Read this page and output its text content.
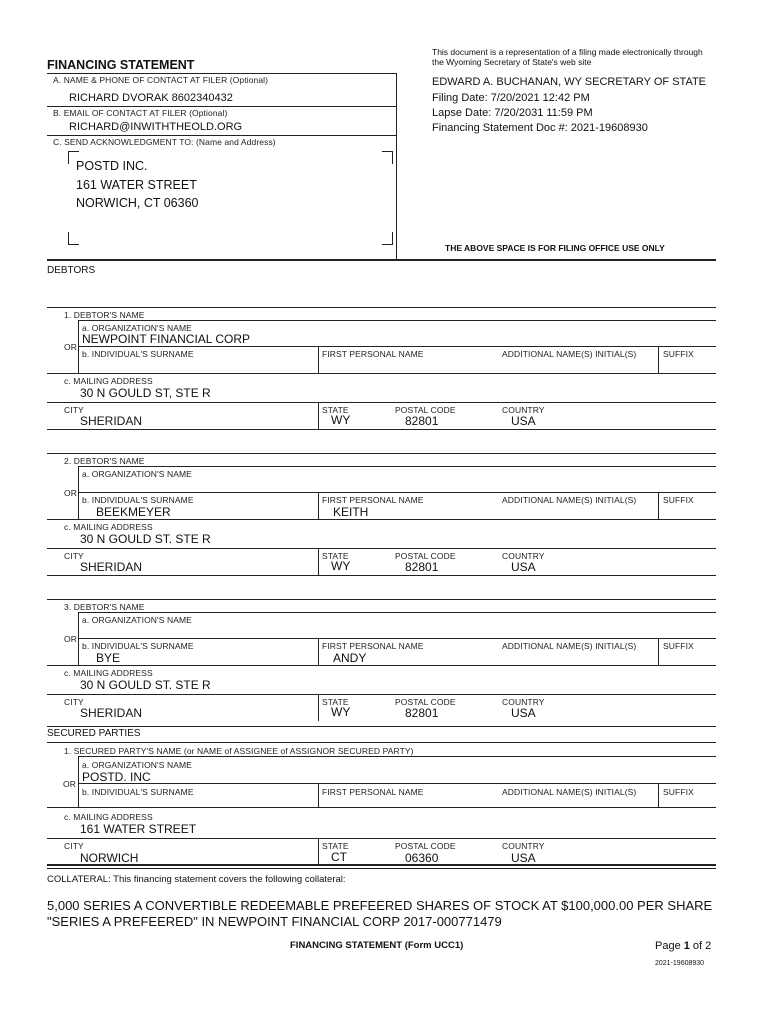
FINANCING STATEMENT
This document is a representation of a filing made electronically through
the Wyoming Secretary of State's web site
A. NAME & PHONE OF CONTACT AT FILER (Optional)
RICHARD DVORAK 8602340432
B. EMAIL OF CONTACT AT FILER (Optional)
RICHARD@INWITHTHEOLD.ORG
C. SEND ACKNOWLEDGMENT TO: (Name and Address)
POSTD INC.
161 WATER STREET
NORWICH, CT 06360
EDWARD A. BUCHANAN, WY SECRETARY OF STATE
Filing Date: 7/20/2021 12:42 PM
Lapse Date: 7/20/2031 11:59 PM
Financing Statement Doc #: 2021-19608930
THE ABOVE SPACE IS FOR FILING OFFICE USE ONLY
DEBTORS
1. DEBTOR'S NAME
a. ORGANIZATION'S NAME
NEWPOINT FINANCIAL CORP
OR
b. INDIVIDUAL'S SURNAME	FIRST PERSONAL NAME	ADDITIONAL NAME(S) INITIAL(S)	SUFFIX
c. MAILING ADDRESS
30 N GOULD ST, STE R
CITY
SHERIDAN
STATE
WY
POSTAL CODE
82801
COUNTRY
USA
2. DEBTOR'S NAME
a. ORGANIZATION'S NAME
OR
b. INDIVIDUAL'S SURNAME
BEEKMEYER
FIRST PERSONAL NAME
KEITH
ADDITIONAL NAME(S) INITIAL(S)	SUFFIX
c. MAILING ADDRESS
30 N GOULD ST. STE R
CITY
SHERIDAN
STATE
WY
POSTAL CODE
82801
COUNTRY
USA
3. DEBTOR'S NAME
a. ORGANIZATION'S NAME
OR
b. INDIVIDUAL'S SURNAME
BYE
FIRST PERSONAL NAME
ANDY
ADDITIONAL NAME(S) INITIAL(S)	SUFFIX
c. MAILING ADDRESS
30 N GOULD ST. STE R
CITY
SHERIDAN
STATE
WY
POSTAL CODE
82801
COUNTRY
USA
SECURED PARTIES
1. SECURED PARTY'S NAME (or NAME of ASSIGNEE of ASSIGNOR SECURED PARTY)
a. ORGANIZATION'S NAME
POSTD. INC
OR
b. INDIVIDUAL'S SURNAME	FIRST PERSONAL NAME	ADDITIONAL NAME(S) INITIAL(S)	SUFFIX
c. MAILING ADDRESS
161 WATER STREET
CITY
NORWICH
STATE
CT
POSTAL CODE
06360
COUNTRY
USA
COLLATERAL: This financing statement covers the following collateral:
5,000 SERIES A CONVERTIBLE REDEEMABLE PREFEERED SHARES OF STOCK AT $100,000.00 PER SHARE
"SERIES A PREFEERED" IN NEWPOINT FINANCIAL CORP 2017-000771479
FINANCING STATEMENT (Form UCC1)	Page 1 of 2
2021-19608930
